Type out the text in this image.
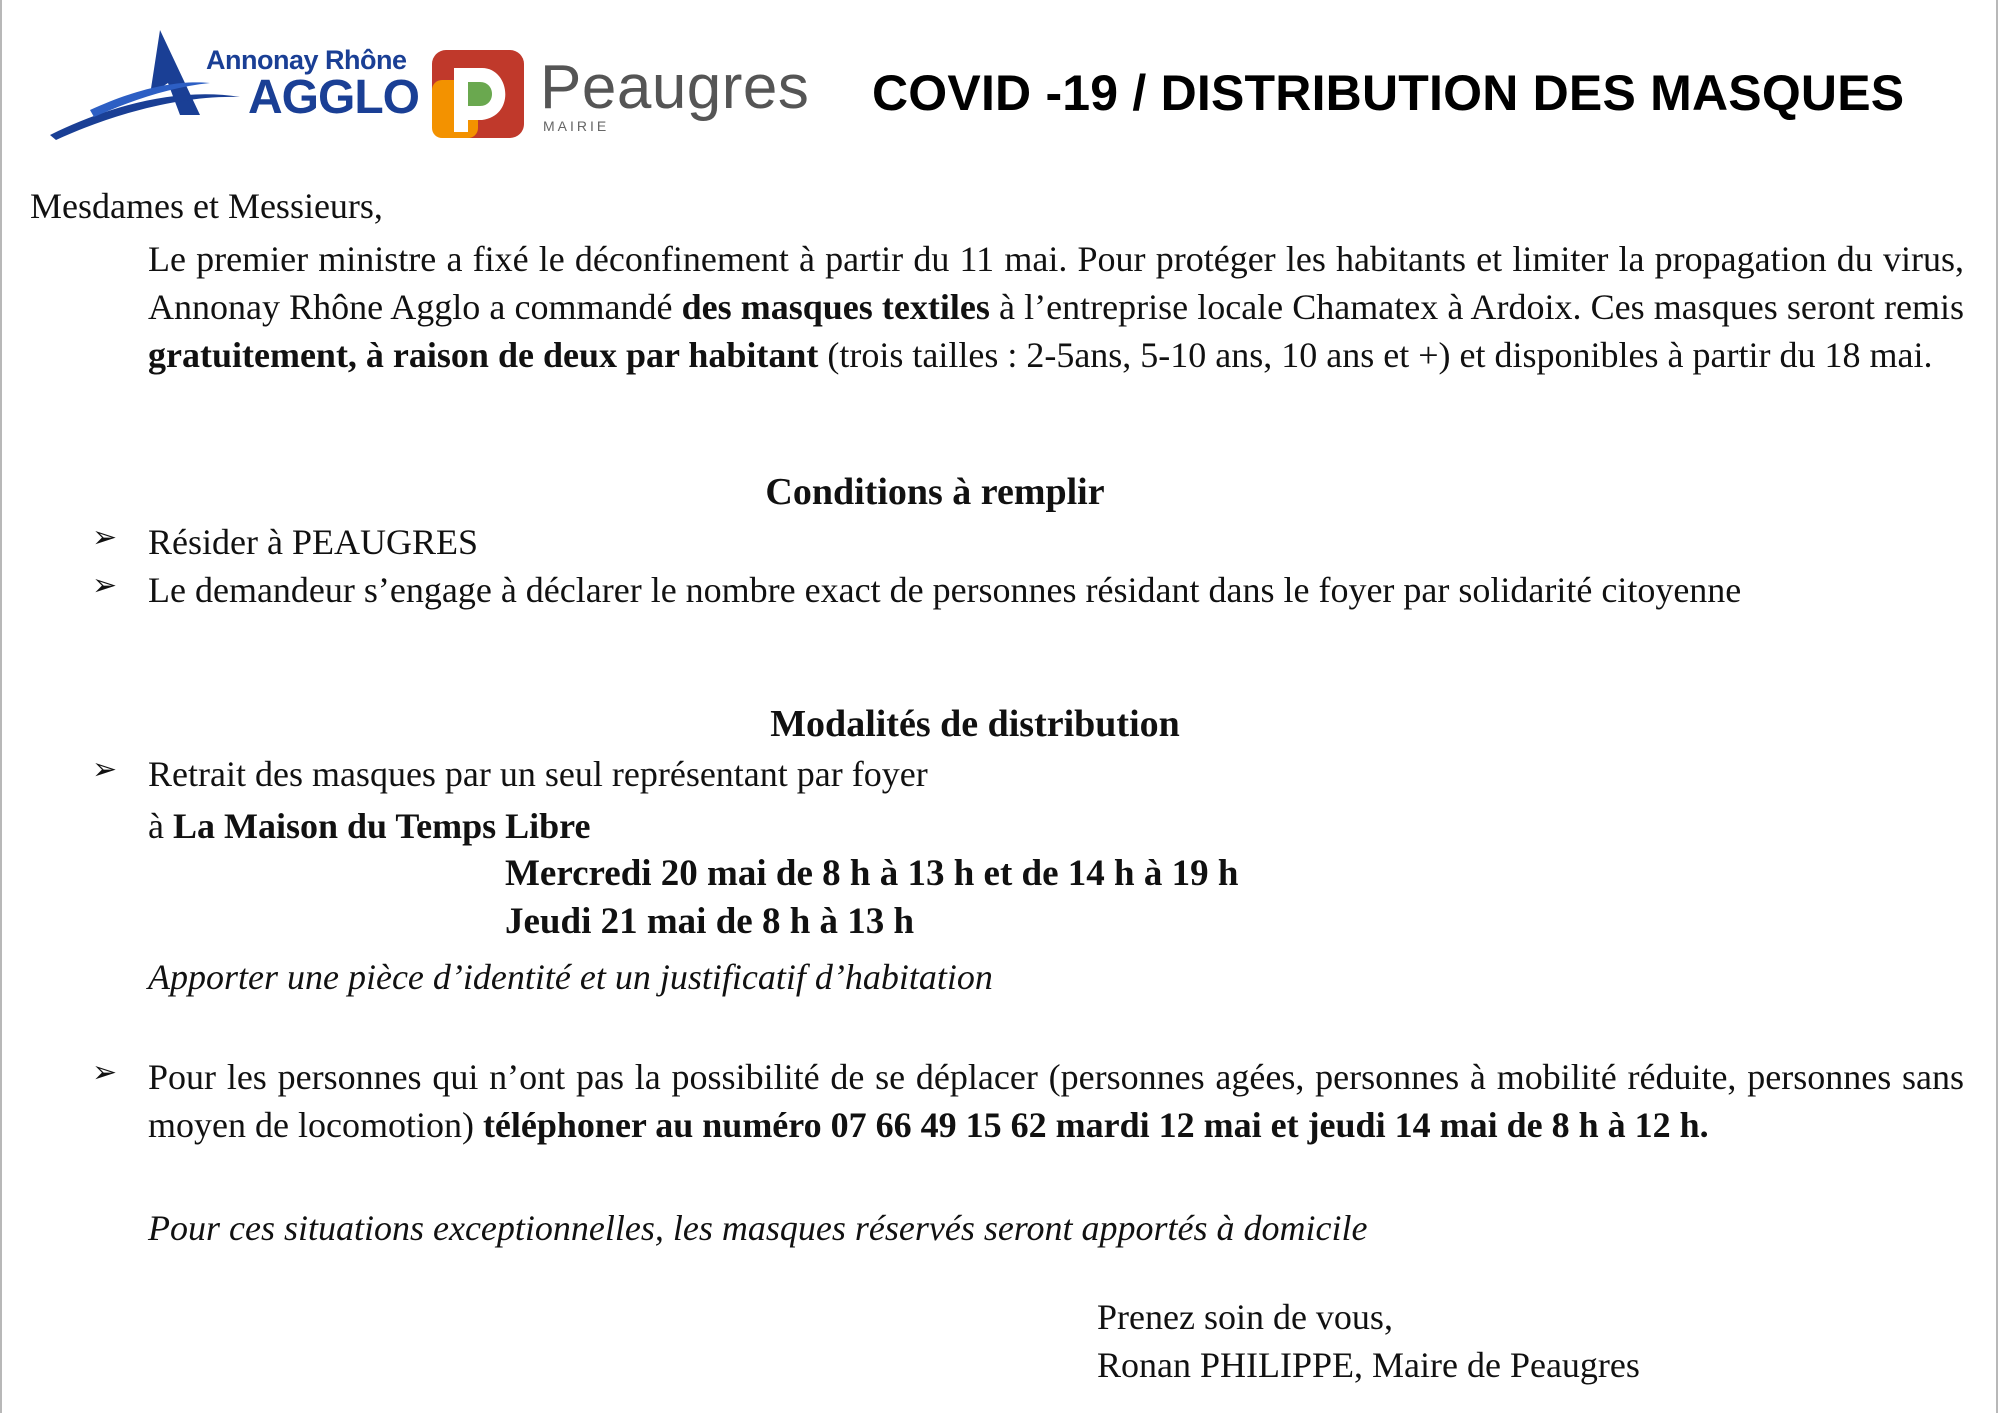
Annonay Rhône
AGGLO Peaugres
MAIRIE
COVID -19 / DISTRIBUTION DES MASQUES
Mesdames et Messieurs,
Le premier ministre a fixé le déconfinement à partir du 11 mai. Pour protéger les habitants et limiter la propagation du virus, Annonay Rhône Agglo a commandé des masques textiles à l’entreprise locale Chamatex à Ardoix. Ces masques seront remis gratuitement, à raison de deux par habitant (trois tailles : 2-5ans, 5-10 ans, 10 ans et +) et disponibles à partir du 18 mai.
Conditions à remplir
➢ Résider à PEAUGRES
➢ Le demandeur s’engage à déclarer le nombre exact de personnes résidant dans le foyer par solidarité citoyenne
Modalités de distribution
➢ Retrait des masques par un seul représentant par foyer
à La Maison du Temps Libre
Mercredi 20 mai de 8 h à 13 h et de 14 h à 19 h
Jeudi 21 mai de 8 h à 13 h
Apporter une pièce d’identité et un justificatif d’habitation
➢ Pour les personnes qui n’ont pas la possibilité de se déplacer (personnes agées, personnes à mobilité réduite, personnes sans moyen de locomotion) téléphoner au numéro 07 66 49 15 62 mardi 12 mai et jeudi 14 mai de 8 h à 12 h.
Pour ces situations exceptionnelles, les masques réservés seront apportés à domicile
Prenez soin de vous,
Ronan PHILIPPE, Maire de Peaugres
